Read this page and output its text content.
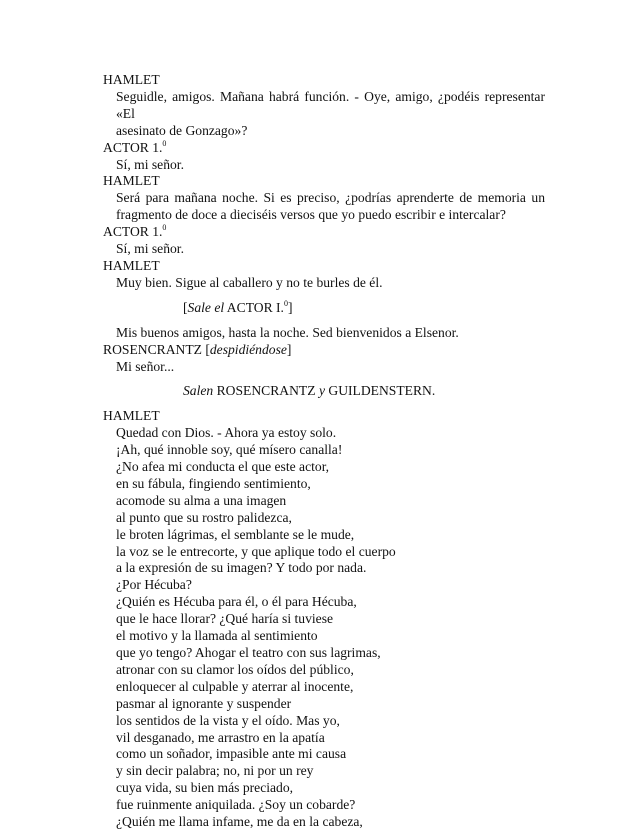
HAMLET
Seguidle, amigos. Mañana habrá función. - Oye, amigo, ¿podéis representar «El
asesinato de Gonzago»?
ACTOR 1.$^0$
Sí, mi señor.
HAMLET
Será para mañana noche. Si es preciso, ¿podrías aprenderte de memoria un
fragmento de doce a dieciséis versos que yo puedo escribir e intercalar?
ACTOR 1.$^0$
Sí, mi señor.
HAMLET
Muy bien. Sigue al caballero y no te burles de él.
[Sale el ACTOR I.$^0$]
Mis buenos amigos, hasta la noche. Sed bienvenidos a Elsenor.
ROSENCRANTZ [despidiéndose]
Mi señor...
Salen ROSENCRANTZ y GUILDENSTERN.
HAMLET
Quedad con Dios. - Ahora ya estoy solo.
¡Ah, qué innoble soy, qué mísero canalla!
¿No afea mi conducta el que este actor,
en su fábula, fingiendo sentimiento,
acomode su alma a una imagen
al punto que su rostro palidezca,
le broten lágrimas, el semblante se le mude,
la voz se le entrecorte, y que aplique todo el cuerpo
a la expresión de su imagen? Y todo por nada.
¿Por Hécuba?
¿Quién es Hécuba para él, o él para Hécuba,
que le hace llorar? ¿Qué haría si tuviese
el motivo y la llamada al sentimiento
que yo tengo? Ahogar el teatro con sus lagrimas,
atronar con su clamor los oídos del público,
enloquecer al culpable y aterrar al inocente,
pasmar al ignorante y suspender
los sentidos de la vista y el oído. Mas yo,
vil desganado, me arrastro en la apatía
como un soñador, impasible ante mi causa
y sin decir palabra; no, ni por un rey
cuya vida, su bien más preciado,
fue ruinmente aniquilada. ¿Soy un cobarde?
¿Quién me llama infame, me da en la cabeza,
